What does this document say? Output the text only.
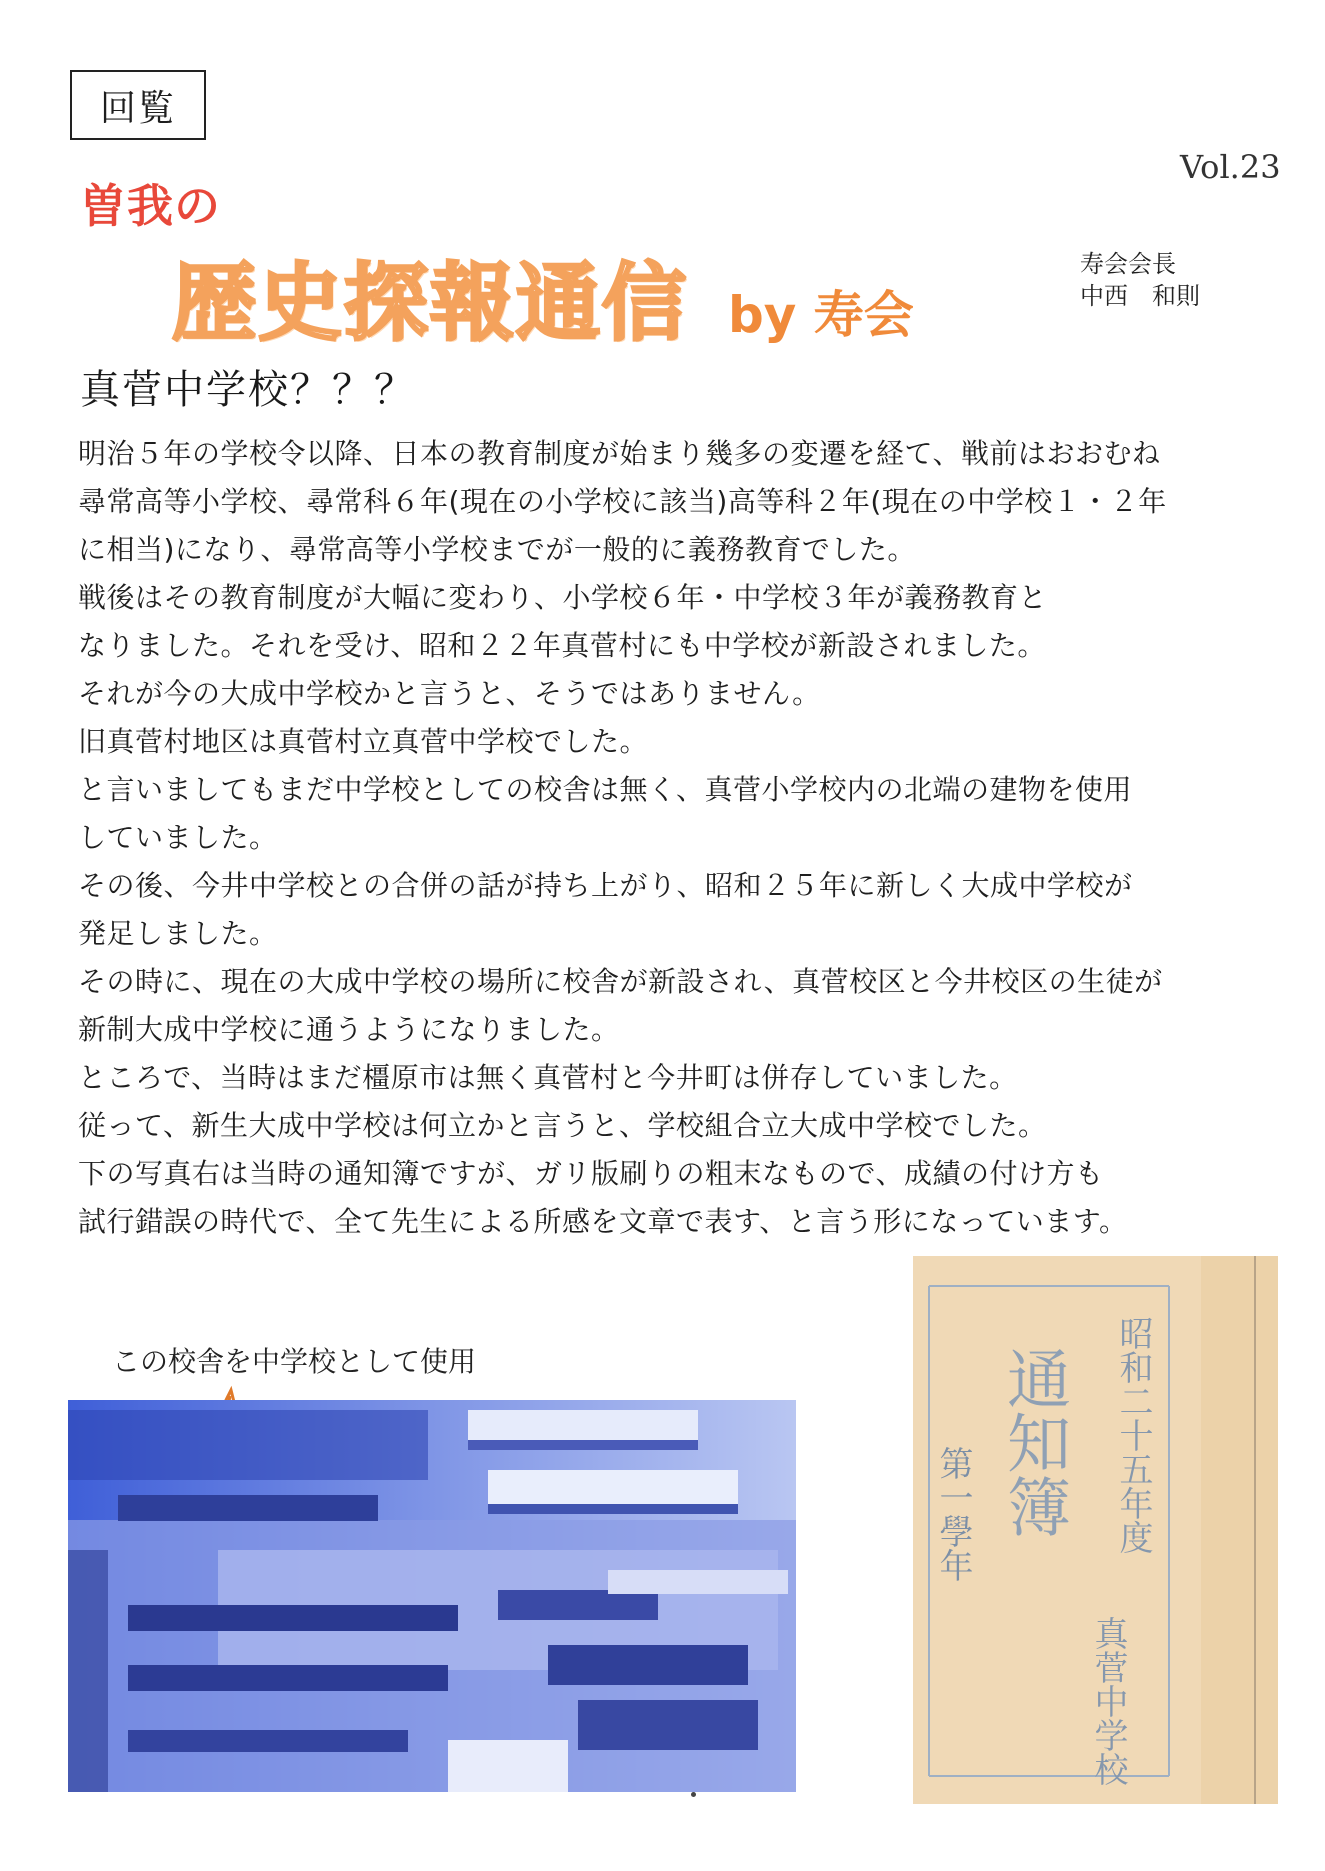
回覧
Vol.23
曽我の
歴史探報通信 by 寿会
寿会会長
中西　和則
真菅中学校？？？
明治５年の学校令以降、日本の教育制度が始まり幾多の変遷を経て、戦前はおおむね
尋常高等小学校、尋常科６年(現在の小学校に該当)高等科２年(現在の中学校１・２年
に相当)になり、尋常高等小学校までが一般的に義務教育でした。
戦後はその教育制度が大幅に変わり、小学校６年・中学校３年が義務教育と
なりました。それを受け、昭和２２年真菅村にも中学校が新設されました。
それが今の大成中学校かと言うと、そうではありません。
旧真菅村地区は真菅村立真菅中学校でした。
と言いましてもまだ中学校としての校舎は無く、真菅小学校内の北端の建物を使用
していました。
その後、今井中学校との合併の話が持ち上がり、昭和２５年に新しく大成中学校が
発足しました。
その時に、現在の大成中学校の場所に校舎が新設され、真菅校区と今井校区の生徒が
新制大成中学校に通うようになりました。
ところで、当時はまだ橿原市は無く真菅村と今井町は併存していました。
従って、新生大成中学校は何立かと言うと、学校組合立大成中学校でした。
下の写真右は当時の通知簿ですが、ガリ版刷りの粗末なもので、成績の付け方も
試行錯誤の時代で、全て先生による所感を文章で表す、と言う形になっています。
この校舎を中学校として使用	昭和二十五年度
真菅中学校
通知簿
第一學年
